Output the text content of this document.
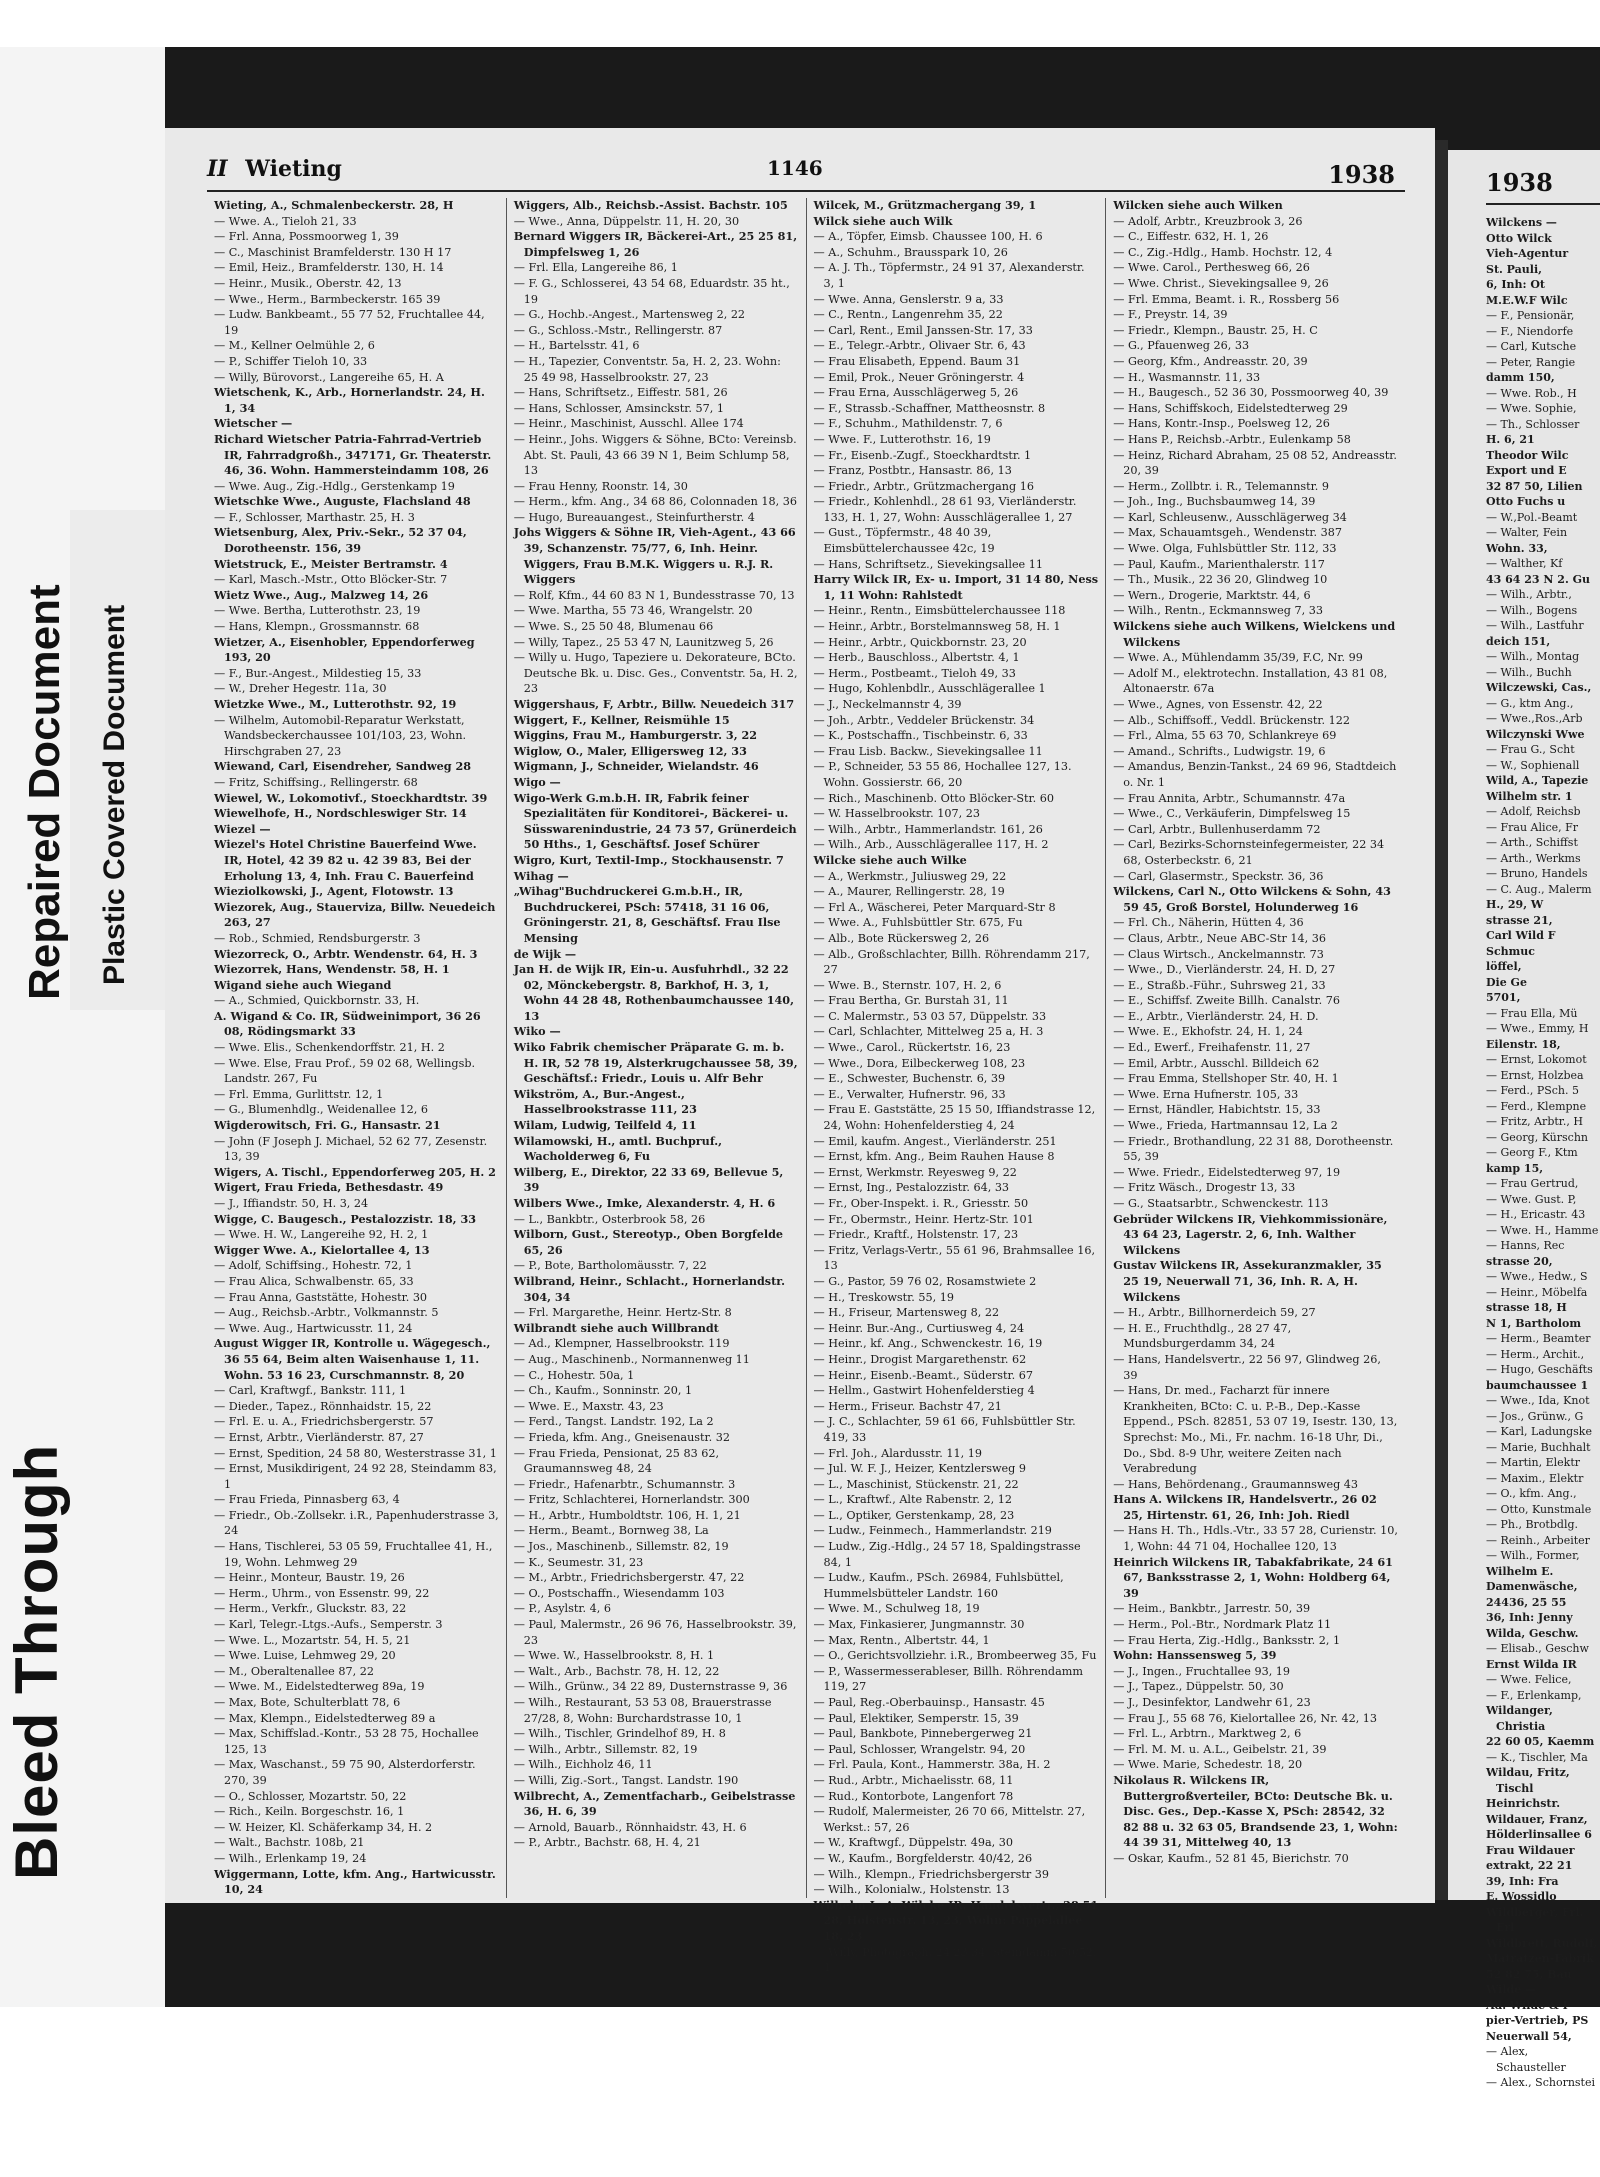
Bleed Through
Repaired Document Plastic Covered Document
II Wieting	1146	1938

Wieting, A., Schmalenbeckerstr. 28, H

— Wwe. A., Tieloh 21, 33

— Frl. Anna, Possmoorweg 1, 39

— C., Maschinist Bramfelderstr. 130 H 17

— Emil, Heiz., Bramfelderstr. 130, H. 14

— Heinr., Musik., Oberstr. 42, 13

— Wwe., Herm., Barmbeckerstr. 165 39

— Ludw. Bankbeamt., 55 77 52, Fruchtallee 44, 19

— M., Kellner Oelmühle 2, 6

— P., Schiffer Tieloh 10, 33

— Willy, Bürovorst., Langereihe 65, H. A

Wietschenk, K., Arb., Hornerlandstr. 24, H. 1, 34

Wietscher —

Richard Wietscher Patria-Fahrrad-Vertrieb IR, Fahrradgroßh., 347171, Gr. Theaterstr. 46, 36. Wohn. Hammersteindamm 108, 26

— Wwe. Aug., Zig.-Hdlg., Gerstenkamp 19

Wietschke Wwe., Auguste, Flachsland 48

— F., Schlosser, Marthastr. 25, H. 3

Wietsenburg, Alex, Priv.-Sekr., 52 37 04, Dorotheenstr. 156, 39

Wietstruck, E., Meister Bertramstr. 4

— Karl, Masch.-Mstr., Otto Blöcker-Str. 7

Wietz Wwe., Aug., Malzweg 14, 26

— Wwe. Bertha, Lutterothstr. 23, 19

— Hans, Klempn., Grossmannstr. 68

Wietzer, A., Eisenhobler, Eppendorferweg 193, 20

— F., Bur.-Angest., Mildestieg 15, 33

— W., Dreher Hegestr. 11a, 30

Wietzke Wwe., M., Lutterothstr. 92, 19

— Wilhelm, Automobil-Reparatur Werkstatt, Wandsbeckerchaussee 101/103, 23, Wohn. Hirschgraben 27, 23

Wiewand, Carl, Eisendreher, Sandweg 28

— Fritz, Schiffsing., Rellingerstr. 68

Wiewel, W., Lokomotivf., Stoeckhardtstr. 39

Wiewelhofe, H., Nordschleswiger Str. 14

Wiezel —

Wiezel's Hotel Christine Bauerfeind Wwe. IR, Hotel, 42 39 82 u. 42 39 83, Bei der Erholung 13, 4, Inh. Frau C. Bauerfeind

Wieziolkowski, J., Agent, Flotowstr. 13

Wiezorek, Aug., Stauerviza, Billw. Neuedeich 263, 27

— Rob., Schmied, Rendsburgerstr. 3

Wiezorreck, O., Arbtr. Wendenstr. 64, H. 3

Wiezorrek, Hans, Wendenstr. 58, H. 1

Wigand siehe auch Wiegand

— A., Schmied, Quickbornstr. 33, H.

A. Wigand & Co. IR, Südweinimport, 36 26 08, Rödingsmarkt 33

— Wwe. Elis., Schenkendorffstr. 21, H. 2

— Wwe. Else, Frau Prof., 59 02 68, Wellingsb. Landstr. 267, Fu

— Frl. Emma, Gurlittstr. 12, 1

— G., Blumenhdlg., Weidenallee 12, 6

Wigderowitsch, Fri. G., Hansastr. 21

— John (F Joseph J. Michael, 52 62 77, Zesenstr. 13, 39

Wigers, A. Tischl., Eppendorferweg 205, H. 2

Wigert, Frau Frieda, Bethesdastr. 49

— J., Iffiandstr. 50, H. 3, 24

Wigge, C. Baugesch., Pestalozzistr. 18, 33

— Wwe. H. W., Langereihe 92, H. 2, 1

Wigger Wwe. A., Kielortallee 4, 13

— Adolf, Schiffsing., Hohestr. 72, 1

— Frau Alica, Schwalbenstr. 65, 33

— Frau Anna, Gaststätte, Hohestr. 30

— Aug., Reichsb.-Arbtr., Volkmannstr. 5

— Wwe. Aug., Hartwicusstr. 11, 24

August Wigger IR, Kontrolle u. Wägegesch., 36 55 64, Beim alten Waisenhause 1, 11. Wohn. 53 16 23, Curschmannstr. 8, 20

— Carl, Kraftwgf., Bankstr. 111, 1

— Dieder., Tapez., Rönnhaidstr. 15, 22

— Frl. E. u. A., Friedrichsbergerstr. 57

— Ernst, Arbtr., Vierländerstr. 87, 27

— Ernst, Spedition, 24 58 80, Westerstrasse 31, 1

— Ernst, Musikdirigent, 24 92 28, Steindamm 83, 1

— Frau Frieda, Pinnasberg 63, 4

— Friedr., Ob.-Zollsekr. i.R., Papenhuderstrasse 3, 24

— Hans, Tischlerei, 53 05 59, Fruchtallee 41, H., 19, Wohn. Lehmweg 29

— Heinr., Monteur, Baustr. 19, 26

— Herm., Uhrm., von Essenstr. 99, 22

— Herm., Verkfr., Gluckstr. 83, 22

— Karl, Telegr.-Ltgs.-Aufs., Semperstr. 3

— Wwe. L., Mozartstr. 54, H. 5, 21

— Wwe. Luise, Lehmweg 29, 20

— M., Oberaltenallee 87, 22

— Wwe. M., Eidelstedterweg 89a, 19

— Max, Bote, Schulterblatt 78, 6

— Max, Klempn., Eidelstedterweg 89 a

— Max, Schiffslad.-Kontr., 53 28 75, Hochallee 125, 13

— Max, Waschanst., 59 75 90, Alsterdorferstr. 270, 39

— O., Schlosser, Mozartstr. 50, 22

— Rich., Keiln. Borgeschstr. 16, 1

— W. Heizer, Kl. Schäferkamp 34, H. 2

— Walt., Bachstr. 108b, 21

— Wilh., Erlenkamp 19, 24

Wiggermann, Lotte, kfm. Ang., Hartwicusstr. 10, 24

Wiggers, Alb., Reichsb.-Assist. Bachstr. 105

— Wwe., Anna, Düppelstr. 11, H. 20, 30

Bernard Wiggers IR, Bäckerei-Art., 25 25 81, Dimpfelsweg 1, 26

— Frl. Ella, Langereihe 86, 1

— F. G., Schlosserei, 43 54 68, Eduardstr. 35 ht., 19

— G., Hochb.-Angest., Martensweg 2, 22

— G., Schloss.-Mstr., Rellingerstr. 87

— H., Bartelsstr. 41, 6

— H., Tapezier, Conventstr. 5a, H. 2, 23. Wohn: 25 49 98, Hasselbrookstr. 27, 23

— Hans, Schriftsetz., Eiffestr. 581, 26

— Hans, Schlosser, Amsinckstr. 57, 1

— Heinr., Maschinist, Ausschl. Allee 174

— Heinr., Johs. Wiggers & Söhne, BCto: Vereinsb. Abt. St. Pauli, 43 66 39 N 1, Beim Schlump 58, 13

— Frau Henny, Roonstr. 14, 30

— Herm., kfm. Ang., 34 68 86, Colonnaden 18, 36

— Hugo, Bureauangest., Steinfurtherstr. 4

Johs Wiggers & Söhne IR, Vieh-Agent., 43 66 39, Schanzenstr. 75/77, 6, Inh. Heinr. Wiggers, Frau B.M.K. Wiggers u. R.J. R. Wiggers

— Rolf, Kfm., 44 60 83 N 1, Bundesstrasse 70, 13

— Wwe. Martha, 55 73 46, Wrangelstr. 20

— Wwe. S., 25 50 48, Blumenau 66

— Willy, Tapez., 25 53 47 N, Launitzweg 5, 26

— Willy u. Hugo, Tapeziere u. Dekorateure, BCto. Deutsche Bk. u. Disc. Ges., Conventstr. 5a, H. 2, 23

Wiggershaus, F, Arbtr., Billw. Neuedeich 317

Wiggert, F., Kellner, Reismühle 15

Wiggins, Frau M., Hamburgerstr. 3, 22

Wiglow, O., Maler, Elligersweg 12, 33

Wigmann, J., Schneider, Wielandstr. 46

Wigo —

Wigo-Werk G.m.b.H. IR, Fabrik feiner Spezialitäten für Konditorei-, Bäckerei- u. Süsswarenindustrie, 24 73 57, Grünerdeich 50 Hths., 1, Geschäftsf. Josef Schürer

Wigro, Kurt, Textil-Imp., Stockhausenstr. 7

Wihag —

„Wihag"Buchdruckerei G.m.b.H., IR, Buchdruckerei, PSch: 57418, 31 16 06, Gröningerstr. 21, 8, Geschäftsf. Frau Ilse Mensing

de Wijk —

Jan H. de Wijk IR, Ein-u. Ausfuhrhdl., 32 22 02, Mönckebergstr. 8, Barkhof, H. 3, 1, Wohn 44 28 48, Rothenbaumchaussee 140, 13

Wiko —

Wiko Fabrik chemischer Präparate G. m. b. H. IR, 52 78 19, Alsterkrugchaussee 58, 39, Geschäftsf.: Friedr., Louis u. Alfr Behr

Wikström, A., Bur.-Angest., Hasselbrookstrasse 111, 23

Wilam, Ludwig, Teilfeld 4, 11

Wilamowski, H., amtl. Buchpruf., Wacholderweg 6, Fu

Wilberg, E., Direktor, 22 33 69, Bellevue 5, 39

Wilbers Wwe., Imke, Alexanderstr. 4, H. 6

— L., Bankbtr., Osterbrook 58, 26

Wilborn, Gust., Stereotyp., Oben Borgfelde 65, 26

— P., Bote, Bartholomäusstr. 7, 22

Wilbrand, Heinr., Schlacht., Hornerlandstr. 304, 34

— Frl. Margarethe, Heinr. Hertz-Str. 8

Wilbrandt siehe auch Willbrandt

— Ad., Klempner, Hasselbrookstr. 119

— Aug., Maschinenb., Normannenweg 11

— C., Hohestr. 50a, 1

— Ch., Kaufm., Sonninstr. 20, 1

— Wwe. E., Maxstr. 43, 23

— Ferd., Tangst. Landstr. 192, La 2

— Frieda, kfm. Ang., Gneisenaustr. 32

— Frau Frieda, Pensionat, 25 83 62, Graumannsweg 48, 24

— Friedr., Hafenarbtr., Schumannstr. 3

— Fritz, Schlachterei, Hornerlandstr. 300

— H., Arbtr., Humboldtstr. 106, H. 1, 21

— Herm., Beamt., Bornweg 38, La

— Jos., Maschinenb., Sillemstr. 82, 19

— K., Seumestr. 31, 23

— M., Arbtr., Friedrichsbergerstr. 47, 22

— O., Postschaffn., Wiesendamm 103

— P., Asylstr. 4, 6

— Paul, Malermstr., 26 96 76, Hasselbrookstr. 39, 23

— Wwe. W., Hasselbrookstr. 8, H. 1

— Walt., Arb., Bachstr. 78, H. 12, 22

— Wilh., Grünw., 34 22 89, Dusternstrasse 9, 36

— Wilh., Restaurant, 53 53 08, Brauerstrasse 27/28, 8, Wohn: Burchardstrasse 10, 1

— Wilh., Tischler, Grindelhof 89, H. 8

— Wilh., Arbtr., Sillemstr. 82, 19

— Wilh., Eichholz 46, 11

— Willi, Zig.-Sort., Tangst. Landstr. 190

Wilbrecht, A., Zementfacharb., Geibelstrasse 36, H. 6, 39

— Arnold, Bauarb., Rönnhaidstr. 43, H. 6

— P., Arbtr., Bachstr. 68, H. 4, 21

Wilcek, M., Grützmachergang 39, 1

Wilck siehe auch Wilk

— A., Töpfer, Eimsb. Chaussee 100, H. 6

— A., Schuhm., Brausspark 10, 26

— A. J. Th., Töpfermstr., 24 91 37, Alexanderstr. 3, 1

— Wwe. Anna, Genslerstr. 9 a, 33

— C., Rentn., Langenrehm 35, 22

— Carl, Rent., Emil Janssen-Str. 17, 33

— E., Telegr.-Arbtr., Olivaer Str. 6, 43

— Frau Elisabeth, Eppend. Baum 31

— Emil, Prok., Neuer Gröningerstr. 4

— Frau Erna, Ausschlägerweg 5, 26

— F., Strassb.-Schaffner, Mattheosnstr. 8

— F., Schuhm., Mathildenstr. 7, 6

— Wwe. F., Lutterothstr. 16, 19

— Fr., Eisenb.-Zugf., Stoeckhardtstr. 1

— Franz, Postbtr., Hansastr. 86, 13

— Friedr., Arbtr., Grützmachergang 16

— Friedr., Kohlenhdl., 28 61 93, Vierländerstr. 133, H. 1, 27, Wohn: Ausschlägerallee 1, 27

— Gust., Töpfermstr., 48 40 39, Eimsbüttelerchaussee 42c, 19

— Hans, Schriftsetz., Sievekingsallee 11

Harry Wilck IR, Ex- u. Import, 31 14 80, Ness 1, 11 Wohn: Rahlstedt

— Heinr., Rentn., Eimsbüttelerchaussee 118

— Heinr., Arbtr., Borstelmannsweg 58, H. 1

— Heinr., Arbtr., Quickbornstr. 23, 20

— Herb., Bauschloss., Albertstr. 4, 1

— Herm., Postbeamt., Tieloh 49, 33

— Hugo, Kohlenbdlr., Ausschlägerallee 1

— J., Neckelmannstr 4, 39

— Joh., Arbtr., Veddeler Brückenstr. 34

— K., Postschaffn., Tischbeinstr. 6, 33

— Frau Lisb. Backw., Sievekingsallee 11

— P., Schneider, 53 55 86, Hochallee 127, 13. Wohn. Gossierstr. 66, 20

— Rich., Maschinenb. Otto Blöcker-Str. 60

— W. Hasselbrookstr. 107, 23

— Wilh., Arbtr., Hammerlandstr. 161, 26

— Wilh., Arb., Ausschlägerallee 117, H. 2

Wilcke siehe auch Wilke

— A., Werkmstr., Juliusweg 29, 22

— A., Maurer, Rellingerstr. 28, 19

— Frl A., Wäscherei, Peter Marquard-Str 8

— Wwe. A., Fuhlsbüttler Str. 675, Fu

— Alb., Bote Rückersweg 2, 26

— Alb., Großschlachter, Billh. Röhrendamm 217, 27

— Wwe. B., Sternstr. 107, H. 2, 6

— Frau Bertha, Gr. Burstah 31, 11

— C. Malermstr., 53 03 57, Düppelstr. 33

— Carl, Schlachter, Mittelweg 25 a, H. 3

— Wwe., Carol., Rückertstr. 16, 23

— Wwe., Dora, Eilbeckerweg 108, 23

— E., Schwester, Buchenstr. 6, 39

— E., Verwalter, Hufnerstr. 96, 33

— Frau E. Gaststätte, 25 15 50, Iffiandstrasse 12, 24, Wohn: Hohenfelderstieg 4, 24

— Emil, kaufm. Angest., Vierländerstr. 251

— Ernst, kfm. Ang., Beim Rauhen Hause 8

— Ernst, Werkmstr. Reyesweg 9, 22

— Ernst, Ing., Pestalozzistr. 64, 33

— Fr., Ober-Inspekt. i. R., Griesstr. 50

— Fr., Obermstr., Heinr. Hertz-Str. 101

— Friedr., Kraftf., Holstenstr. 17, 23

— Fritz, Verlags-Vertr., 55 61 96, Brahmsallee 16, 13

— G., Pastor, 59 76 02, Rosamstwiete 2

— H., Treskowstr. 55, 19

— H., Friseur, Martensweg 8, 22

— Heinr. Bur.-Ang., Curtiusweg 4, 24

— Heinr., kf. Ang., Schwenckestr. 16, 19

— Heinr., Drogist Margarethenstr. 62

— Heinr., Eisenb.-Beamt., Süderstr. 67

— Hellm., Gastwirt Hohenfelderstieg 4

— Herm., Friseur. Bachstr 47, 21

— J. C., Schlachter, 59 61 66, Fuhlsbüttler Str. 419, 33

— Frl. Joh., Alardusstr. 11, 19

— Jul. W. F. J., Heizer, Kentzlersweg 9

— L., Maschinist, Stückenstr. 21, 22

— L., Kraftwf., Alte Rabenstr. 2, 12

— L., Optiker, Gerstenkamp, 28, 23

— Ludw., Feinmech., Hammerlandstr. 219

— Ludw., Zig.-Hdlg., 24 57 18, Spaldingstrasse 84, 1

— Ludw., Kaufm., PSch. 26984, Fuhlsbüttel, Hummelsbütteler Landstr. 160

— Wwe. M., Schulweg 18, 19

— Max, Finkasierer, Jungmannstr. 30

— Max, Rentn., Albertstr. 44, 1

— O., Gerichtsvollziehr. i.R., Brombeerweg 35, Fu

— P., Wassermesserableser, Billh. Röhrendamm 119, 27

— Paul, Reg.-Oberbauinsp., Hansastr. 45

— Paul, Elektiker, Semperstr. 15, 39

— Paul, Bankbote, Pinnebergerweg 21

— Paul, Schlosser, Wrangelstr. 94, 20

— Frl. Paula, Kont., Hammerstr. 38a, H. 2

— Rud., Arbtr., Michaelisstr. 68, 11

— Rud., Kontorbote, Langenfort 78

— Rudolf, Malermeister, 26 70 66, Mittelstr. 27, Werkst.: 57, 26

— W., Kraftwgf., Düppelstr. 49a, 30

— W., Kaufm., Borgfelderstr. 40/42, 26

— Wilh., Klempn., Friedrichsbergerstr 39

— Wilh., Kolonialw., Holstenstr. 13

Wilhelm L. A. Wilcke IR, Handelsvertr., 28 51 28, Holstenstr. 13, 23, Wohn: Pappelallee 18, 23

— Willy, Photograph, 24 23 34, Steindamm 50/52, 1

Wilcken siehe auch Wilken

— Adolf, Arbtr., Kreuzbrook 3, 26

— C., Eiffestr. 632, H. 1, 26

— C., Zig.-Hdlg., Hamb. Hochstr. 12, 4

— Wwe. Carol., Perthesweg 66, 26

— Wwe. Christ., Sievekingsallee 9, 26

— Frl. Emma, Beamt. i. R., Rossberg 56

— F., Preystr. 14, 39

— Friedr., Klempn., Baustr. 25, H. C

— G., Pfauenweg 26, 33

— Georg, Kfm., Andreasstr. 20, 39

— H., Wasmannstr. 11, 33

— H., Baugesch., 52 36 30, Possmoorweg 40, 39

— Hans, Schiffskoch, Eidelstedterweg 29

— Hans, Kontr.-Insp., Poelsweg 12, 26

— Hans P., Reichsb.-Arbtr., Eulenkamp 58

— Heinz, Richard Abraham, 25 08 52, Andreasstr. 20, 39

— Herm., Zollbtr. i. R., Telemannstr. 9

— Joh., Ing., Buchsbaumweg 14, 39

— Karl, Schleusenw., Ausschlägerweg 34

— Max, Schauamtsgeh., Wendenstr. 387

— Wwe. Olga, Fuhlsbüttler Str. 112, 33

— Paul, Kaufm., Marienthalerstr. 117

— Th., Musik., 22 36 20, Glindweg 10

— Wern., Drogerie, Marktstr. 44, 6

— Wilh., Rentn., Eckmannsweg 7, 33

Wilckens siehe auch Wilkens, Wielckens und Wilckens

— Wwe. A., Mühlendamm 35/39, F.C, Nr. 99

— Adolf M., elektrotechn. Installation, 43 81 08, Altonaerstr. 67a

— Wwe., Agnes, von Essenstr. 42, 22

— Alb., Schiffsoff., Veddl. Brückenstr. 122

— Frl., Alma, 55 63 70, Schlankreye 69

— Amand., Schrifts., Ludwigstr. 19, 6

— Amandus, Benzin-Tankst., 24 69 96, Stadtdeich o. Nr. 1

— Frau Annita, Arbtr., Schumannstr. 47a

— Wwe., C., Verkäuferin, Dimpfelsweg 15

— Carl, Arbtr., Bullenhuserdamm 72

— Carl, Bezirks-Schornsteinfegermeister, 22 34 68, Osterbeckstr. 6, 21

— Carl, Glasermstr., Speckstr. 36, 36

Wilckens, Carl N., Otto Wilckens & Sohn, 43 59 45, Groß Borstel, Holunderweg 16

— Frl. Ch., Näherin, Hütten 4, 36

— Claus, Arbtr., Neue ABC-Str 14, 36

— Claus Wirtsch., Anckelmannstr. 73

— Wwe., D., Vierländerstr. 24, H. D, 27

— E., Straßb.-Führ., Suhrsweg 21, 33

— E., Schiffsf. Zweite Billh. Canalstr. 76

— E., Arbtr., Vierländerstr. 24, H. D.

— Wwe. E., Ekhofstr. 24, H. 1, 24

— Ed., Ewerf., Freihafenstr. 11, 27

— Emil, Arbtr., Ausschl. Billdeich 62

— Frau Emma, Stellshoper Str. 40, H. 1

— Wwe. Erna Hufnerstr. 105, 33

— Ernst, Händler, Habichtstr. 15, 33

— Wwe., Frieda, Hartmannsau 12, La 2

— Friedr., Brothandlung, 22 31 88, Dorotheenstr. 55, 39

— Wwe. Friedr., Eidelstedterweg 97, 19

— Fritz Wäsch., Drogestr 13, 33

— G., Staatsarbtr., Schwenckestr. 113

Gebrüder Wilckens IR, Viehkommissionäre, 43 64 23, Lagerstr. 2, 6, Inh. Walther Wilckens

Gustav Wilckens IR, Assekuranzmakler, 35 25 19, Neuerwall 71, 36, Inh. R. A, H. Wilckens

— H., Arbtr., Billhornerdeich 59, 27

— H. E., Fruchthdlg., 28 27 47, Mundsburgerdamm 34, 24

— Hans, Handelsvertr., 22 56 97, Glindweg 26, 39

— Hans, Dr. med., Facharzt für innere Krankheiten, BCto: C. u. P.-B., Dep.-Kasse Eppend., PSch. 82851, 53 07 19, Isestr. 130, 13, Sprechst: Mo., Mi., Fr. nachm. 16-18 Uhr, Di., Do., Sbd. 8-9 Uhr, weitere Zeiten nach Verabredung

— Hans, Behördenang., Graumannsweg 43

Hans A. Wilckens IR, Handelsvertr., 26 02 25, Hirtenstr. 61, 26, Inh: Joh. Riedl

— Hans H. Th., Hdls.-Vtr., 33 57 28, Curienstr. 10, 1, Wohn: 44 71 04, Hochallee 120, 13

Heinrich Wilckens IR, Tabakfabrikate, 24 61 67, Banksstrasse 2, 1, Wohn: Holdberg 64, 39

— Heim., Bankbtr., Jarrestr. 50, 39

— Herm., Pol.-Btr., Nordmark Platz 11

— Frau Herta, Zig.-Hdlg., Banksstr. 2, 1

Wohn: Hanssensweg 5, 39

— J., Ingen., Fruchtallee 93, 19

— J., Tapez., Düppelstr. 50, 30

— J., Desinfektor, Landwehr 61, 23

— Frau J., 55 68 76, Kielortallee 26, Nr. 42, 13

— Frl. L., Arbtrn., Marktweg 2, 6

— Frl. M. M. u. A.L., Geibelstr. 21, 39

— Wwe. Marie, Schedestr. 18, 20

Nikolaus R. Wilckens IR, Buttergroßverteiler, BCto: Deutsche Bk. u. Disc. Ges., Dep.-Kasse X, PSch: 28542, 32 82 88 u. 32 63 05, Brandsende 23, 1, Wohn: 44 39 31, Mittelweg 40, 13

— Oskar, Kaufm., 52 81 45, Bierichstr. 70

1938

Wilckens —

Otto Wilck

Vieh-Agentur

St. Pauli,

6, Inh: Ot

M.E.W.F Wilc

— F., Pensionär,

— F., Niendorfe

— Carl, Kutsche

— Peter, Rangie

damm 150,

— Wwe. Rob., H

— Wwe. Sophie,

— Th., Schlosser

H. 6, 21

Theodor Wilc

Export und E

32 87 50, Lilien

Otto Fuchs u

— W.,Pol.-Beamt

— Walter, Fein

Wohn. 33,

— Walther, Kf

43 64 23 N 2. Gu

— Wilh., Arbtr.,

— Wilh., Bogens

— Wilh., Lastfuhr

deich 151,

— Wilh., Montag

— Wilh., Buchh

Wilczewski, Cas.,

— G., ktm Ang.,

— Wwe.,Ros.,Arb

Wilczynski Wwe

— Frau G., Scht

— W., Sophienall

Wild, A., Tapezie

Wilhelm str. 1

— Adolf, Reichsb

— Frau Alice, Fr

— Arth., Schiffst

— Arth., Werkms

— Bruno, Handels

— C. Aug., Malerm

H., 29, W

strasse 21,

Carl Wild F

Schmuc

löffel,

Die Ge

5701,

— Frau Ella, Mü

— Wwe., Emmy, H

Eilenstr. 18,

— Ernst, Lokomot

— Ernst, Holzbea

— Ferd., PSch. 5

— Ferd., Klempne

— Fritz, Arbtr., H

— Georg, Kürschn

— Georg F., Ktm

kamp 15,

— Frau Gertrud,

— Wwe. Gust. P,

— H., Ericastr. 43

— Wwe. H., Hamme

— Hanns, Rec

strasse 20,

— Wwe., Hedw., S

— Heinr., Möbelfa

strasse 18, H

N 1, Bartholom

— Herm., Beamter

— Herm., Archit.,

— Hugo, Geschäfts

baumchaussee 1

— Wwe., Ida, Knot

— Jos., Grünw., G

— Karl, Ladungske

— Marie, Buchhalt

— Martin, Elektr

— Maxim., Elektr

— O., kfm. Ang.,

— Otto, Kunstmale

— Ph., Brotbdlg.

— Reinh., Arbeiter

— Wilh., Former,

Wilhelm E.

Damenwäsche,

24436, 25 55

36, Inh: Jenny

Wilda, Geschw.

— Elisab., Geschw

Ernst Wilda IR

— Wwe. Felice,

— F., Erlenkamp,

Wildanger, Christia

22 60 05, Kaemm

— K., Tischler, Ma

Wildau, Fritz, Tischl

Heinrichstr.

Wildauer, Franz,

Hölderlinsallee 6

Frau Wildauer

extrakt, 22 21

39, Inh: Fra

E. Wossidlo

Wildberger, Frl. Erl

Wildbrett, Rudolf,

Matratzen-Fabrik

52 82 75, Bau

Wilde —

Ad. Wilde & I

pier-Vertrieb, PS

Neuerwall 54,

— Alex, Schausteller

— Alex., Schornstei
